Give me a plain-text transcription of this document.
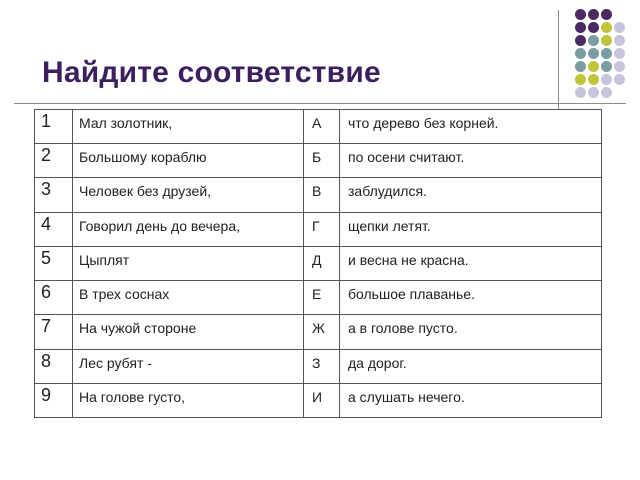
Найдите соответствие
1	Мал золотник,	А	что дерево без корней.
2	Большому кораблю	Б	по осени считают.
3	Человек без друзей,	В	заблудился.
4	Говорил день до вечера,	Г	щепки летят.
5	Цыплят	Д	и весна не красна.
6	В трех соснах	Е	большое плаванье.
7	На чужой стороне	Ж	а в голове пусто.
8	Лес рубят -	З	да дорог.
9	На голове густо,	И	а слушать нечего.
